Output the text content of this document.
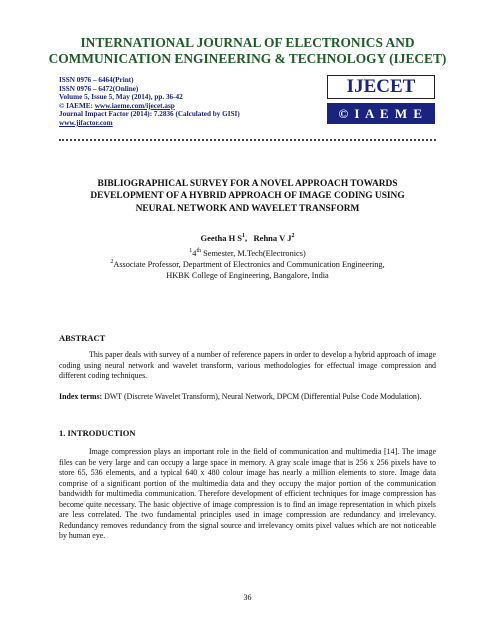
INTERNATIONAL JOURNAL OF ELECTRONICS AND
COMMUNICATION ENGINEERING & TECHNOLOGY (IJECET)
ISSN 0976 – 6464(Print)
ISSN 0976 – 6472(Online)
Volume 5, Issue 5, May (2014), pp. 36-42
© IAEME: www.iaeme.com/ijecet.asp
Journal Impact Factor (2014): 7.2836 (Calculated by GISI)
www.jifactor.com
IJECET
© I A E M E
BIBLIOGRAPHICAL SURVEY FOR A NOVEL APPROACH TOWARDS
DEVELOPMENT OF A HYBRID APPROACH OF IMAGE CODING USING
NEURAL NETWORK AND WAVELET TRANSFORM
Geetha H $S^1$,   Rehna V $J^2$
$^1$4th Semester, M.Tech(Electronics)
$^2$Associate Professor, Department of Electronics and Communication Engineering,
HKBK College of Engineering, Bangalore, India
ABSTRACT
This paper deals with survey of a number of reference papers in order to develop a hybrid approach of image coding using neural network and wavelet transform, various methodologies for effectual image compression and different coding techniques.
Index terms: DWT (Discrete Wavelet Transform), Neural Network, DPCM (Differential Pulse Code Modulation).
1. INTRODUCTION
Image compression plays an important role in the field of communication and multimedia [14]. The image files can be very large and can occupy a large space in memory. A gray scale image that is 256 x 256 pixels have to store 65, 536 elements, and a typical 640 x 480 colour image has nearly a million elements to store. Image data comprise of a significant portion of the multimedia data and they occupy the major portion of the communication bandwidth for multimedia communication. Therefore development of efficient techniques for image compression has become quite necessary. The basic objective of image compression is to find an image representation in which pixels are less correlated. The two fundamental principles used in image compression are redundancy and irrelevancy. Redundancy removes redundancy from the signal source and irrelevancy omits pixel values which are not noticeable by human eye.
36
